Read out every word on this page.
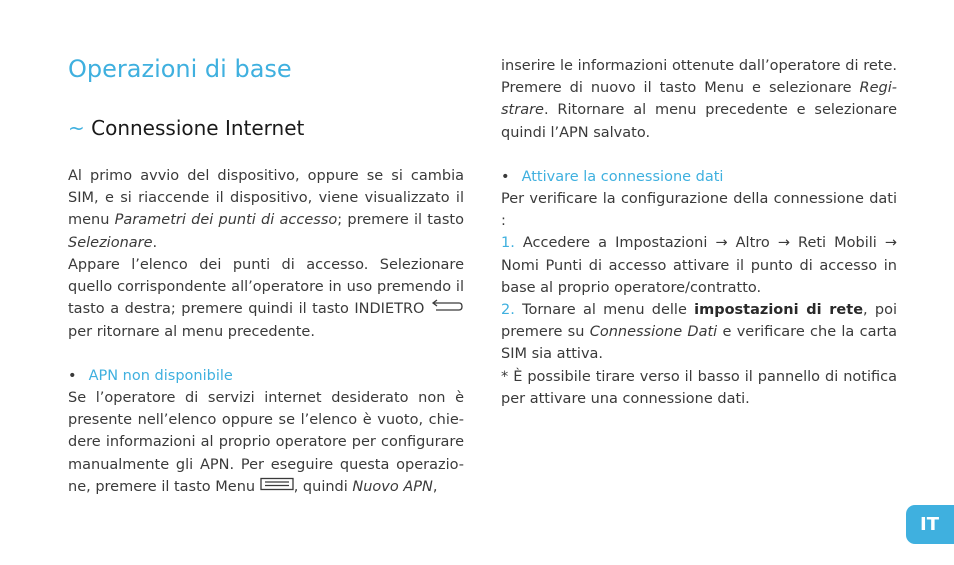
Operazioni di base
~ Connessione Internet

Al primo avvio del dispositivo, oppure se si cambia SIM, e si riaccende il dispositivo, viene visualizzato il menu Parametri dei punti di accesso; premere il tasto Selezionare.

Appare l’elenco dei punti di accesso. Selezionare quello corrispondente all’operatore in uso premendo il tasto a destra; premere quindi il tasto INDIETRO  per ritornare al menu precedente.

• APN non disponibile

Se l’operatore di servizi internet desiderato non è presente nell’elenco oppure se l’elenco è vuoto, chie-dere informazioni al proprio operatore per configurare manualmente gli APN. Per eseguire questa operazio-ne, premere il tasto Menu , quindi Nuovo APN,

inserire le informazioni ottenute dall’operatore di rete. Premere di nuovo il tasto Menu e selezionare Regi-strare. Ritornare al menu precedente e selezionare quindi l’APN salvato.

• Attivare la connessione dati

Per verificare la configurazione della connessione dati :

1. Accedere a Impostazioni → Altro → Reti Mobili → Nomi Punti di accesso attivare il punto di accesso in base al proprio operatore/contratto.

2. Tornare al menu delle impostazioni di rete, poi premere su Connessione Dati e verificare che la carta SIM sia attiva.

* È possibile tirare verso il basso il pannello di notifica per attivare una connessione dati.

IT
